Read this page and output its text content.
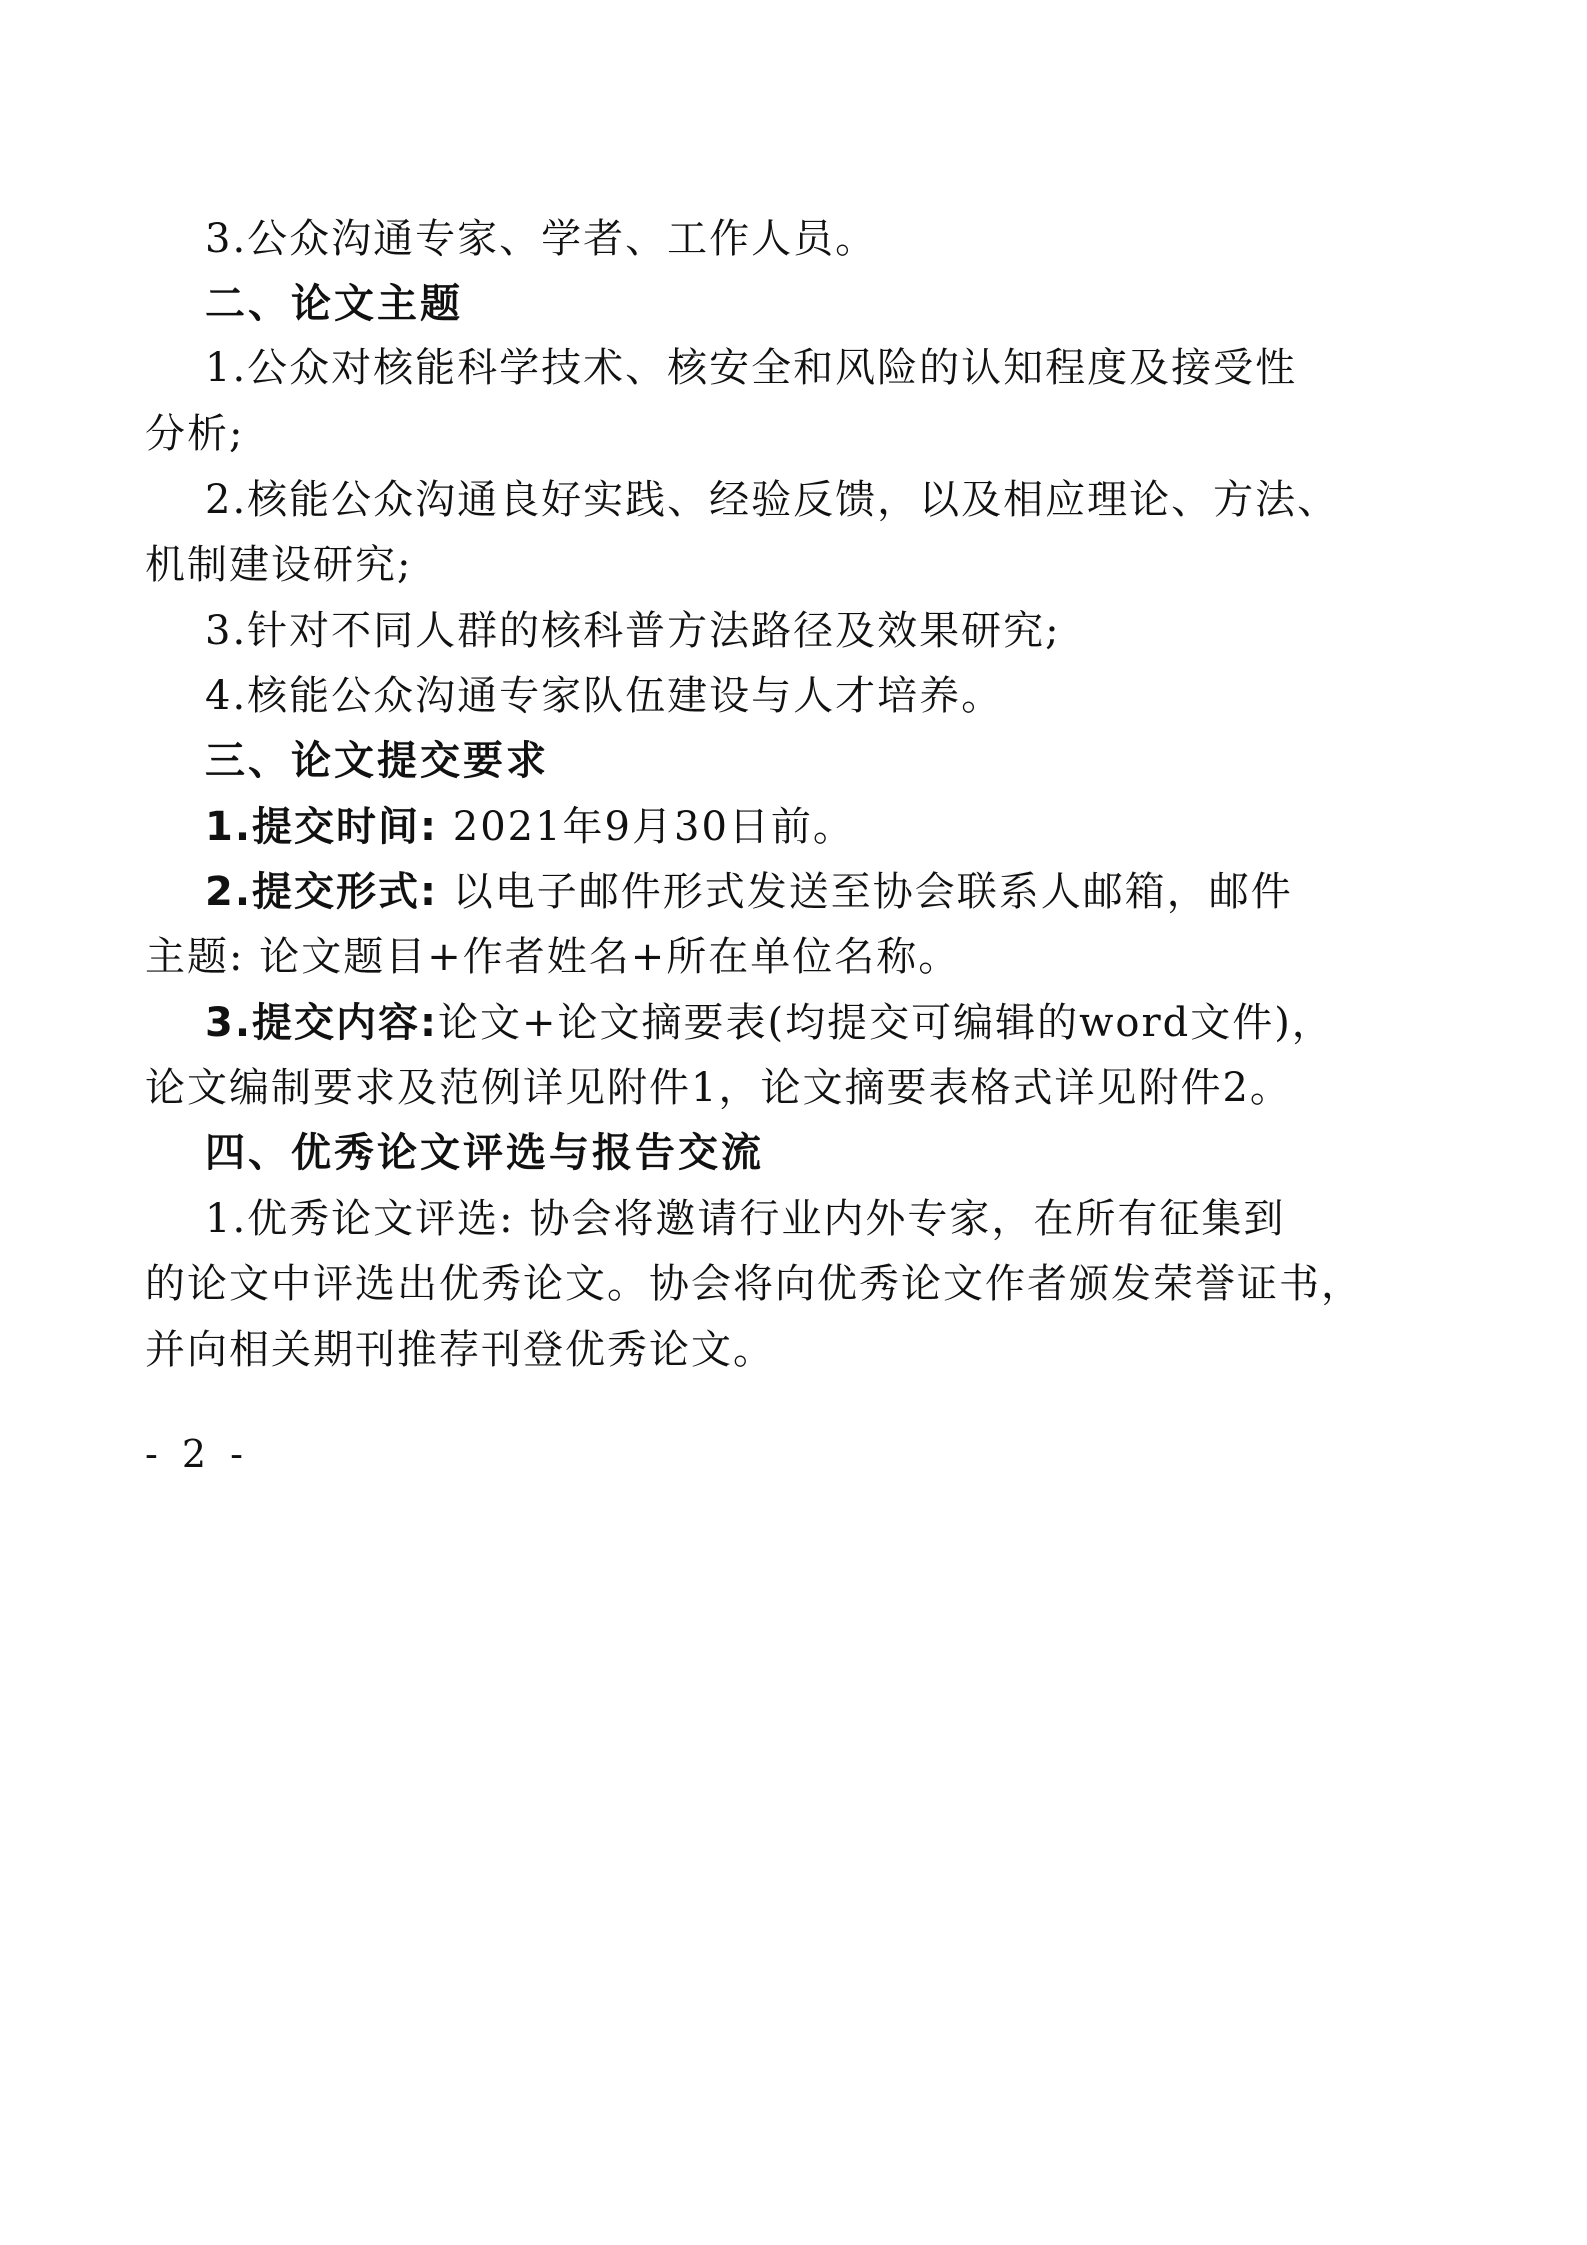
3.公众沟通专家、学者、工作人员。
二、论文主题
1.公众对核能科学技术、核安全和风险的认知程度及接受性
分析;
2.核能公众沟通良好实践、经验反馈，以及相应理论、方法、
机制建设研究;
3.针对不同人群的核科普方法路径及效果研究;
4.核能公众沟通专家队伍建设与人才培养。
三、论文提交要求
1.提交时间: 2021年9月30日前。
2.提交形式: 以电子邮件形式发送至协会联系人邮箱，邮件
主题: 论文题目+作者姓名+所在单位名称。
3.提交内容:论文+论文摘要表(均提交可编辑的word文件)，
论文编制要求及范例详见附件1，论文摘要表格式详见附件2。
四、优秀论文评选与报告交流
1.优秀论文评选: 协会将邀请行业内外专家，在所有征集到
的论文中评选出优秀论文。协会将向优秀论文作者颁发荣誉证书，
并向相关期刊推荐刊登优秀论文。
- 2 -
